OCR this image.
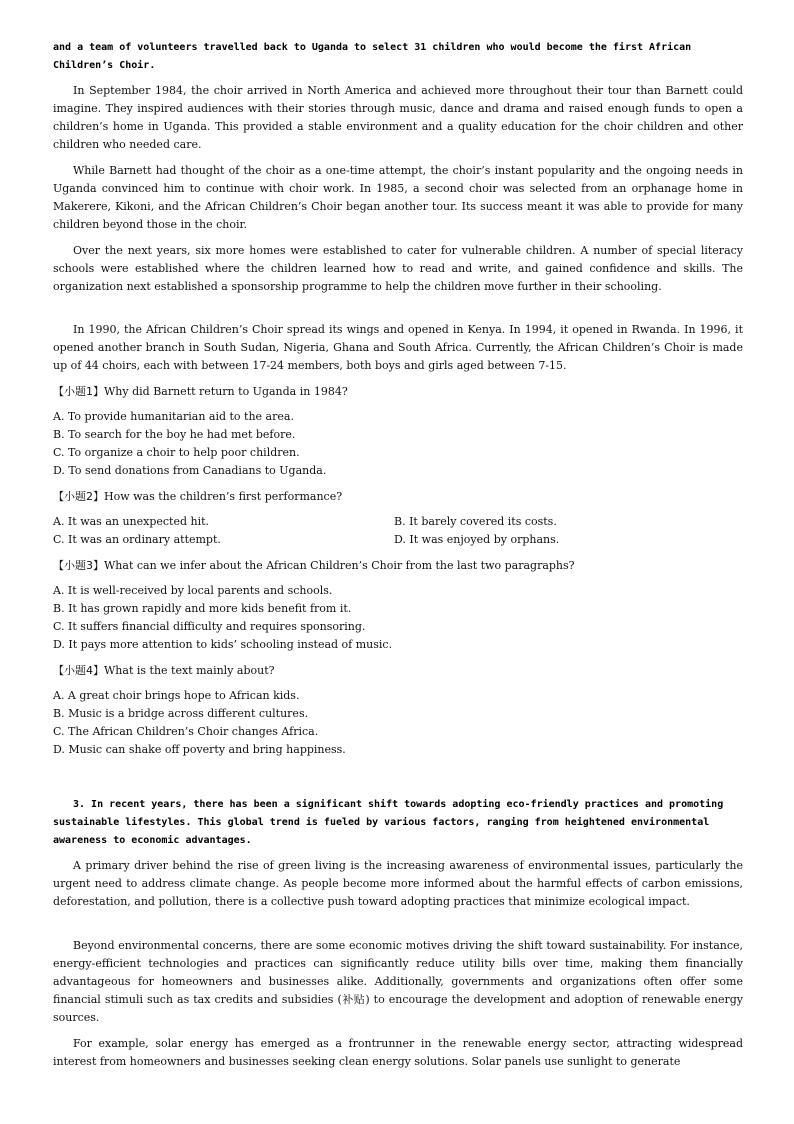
and a team of volunteers travelled back to Uganda to select 31 children who would become the first African Children’s Choir.
In September 1984, the choir arrived in North America and achieved more throughout their tour than Barnett could imagine. They inspired audiences with their stories through music, dance and drama and raised enough funds to open a children’s home in Uganda. This provided a stable environment and a quality education for the choir children and other children who needed care.
While Barnett had thought of the choir as a one-time attempt, the choir’s instant popularity and the ongoing needs in Uganda convinced him to continue with choir work. In 1985, a second choir was selected from an orphanage home in Makerere, Kikoni, and the African Children’s Choir began another tour. Its success meant it was able to provide for many children beyond those in the choir.
Over the next years, six more homes were established to cater for vulnerable children. A number of special literacy schools were established where the children learned how to read and write, and gained confidence and skills. The organization next established a sponsorship programme to help the children move further in their schooling.
In 1990, the African Children’s Choir spread its wings and opened in Kenya. In 1994, it opened in Rwanda. In 1996, it opened another branch in South Sudan, Nigeria, Ghana and South Africa. Currently, the African Children’s Choir is made up of 44 choirs, each with between 17-24 members, both boys and girls aged between 7-15.
【小题1】Why did Barnett return to Uganda in 1984?
A. To provide humanitarian aid to the area.
B. To search for the boy he had met before.
C. To organize a choir to help poor children.
D. To send donations from Canadians to Uganda.
【小题2】How was the children’s first performance?
A. It was an unexpected hit.	B. It barely covered its costs.
C. It was an ordinary attempt.	D. It was enjoyed by orphans.
【小题3】What can we infer about the African Children’s Choir from the last two paragraphs?
A. It is well-received by local parents and schools.
B. It has grown rapidly and more kids benefit from it.
C. It suffers financial difficulty and requires sponsoring.
D. It pays more attention to kids’ schooling instead of music.
【小题4】What is the text mainly about?
A. A great choir brings hope to African kids.
B. Music is a bridge across different cultures.
C. The African Children’s Choir changes Africa.
D. Music can shake off poverty and bring happiness.
3. In recent years, there has been a significant shift towards adopting eco-friendly practices and promoting sustainable lifestyles. This global trend is fueled by various factors, ranging from heightened environmental awareness to economic advantages.
A primary driver behind the rise of green living is the increasing awareness of environmental issues, particularly the urgent need to address climate change. As people become more informed about the harmful effects of carbon emissions, deforestation, and pollution, there is a collective push toward adopting practices that minimize ecological impact.
Beyond environmental concerns, there are some economic motives driving the shift toward sustainability. For instance, energy-efficient technologies and practices can significantly reduce utility bills over time, making them financially advantageous for homeowners and businesses alike. Additionally, governments and organizations often offer some financial stimuli such as tax credits and subsidies (补贴) to encourage the development and adoption of renewable energy sources.
For example, solar energy has emerged as a frontrunner in the renewable energy sector, attracting widespread interest from homeowners and businesses seeking clean energy solutions. Solar panels use sunlight to generate
